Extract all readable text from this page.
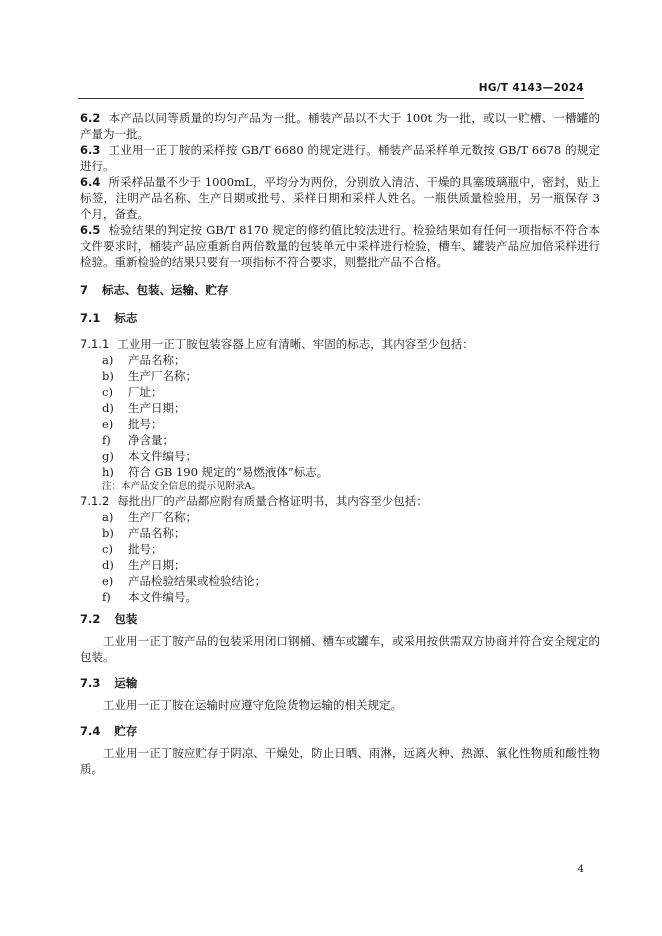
HG/T 4143—2024

6.2 本产品以同等质量的均匀产品为一批。桶装产品以不大于 100t 为一批，或以一贮槽、一槽罐的产量为一批。

6.3 工业用一正丁胺的采样按 GB/T 6680 的规定进行。桶装产品采样单元数按 GB/T 6678 的规定进行。

6.4 所采样品量不少于 1000mL，平均分为两份，分别放入清洁、干燥的具塞玻璃瓶中，密封，贴上标签，注明产品名称、生产日期或批号、采样日期和采样人姓名。一瓶供质量检验用，另一瓶保存 3 个月，备查。

6.5 检验结果的判定按 GB/T 8170 规定的修约值比较法进行。检验结果如有任何一项指标不符合本文件要求时，桶装产品应重新自两倍数量的包装单元中采样进行检验，槽车、罐装产品应加倍采样进行检验。重新检验的结果只要有一项指标不符合要求，则整批产品不合格。

7 标志、包装、运输、贮存

7.1 标志

7.1.1 工业用一正丁胺包装容器上应有清晰、牢固的标志，其内容至少包括：

a) 产品名称；
b) 生产厂名称；
c) 厂址；
d) 生产日期；
e) 批号；
f) 净含量；
g) 本文件编号；
h) 符合 GB 190 规定的“易燃液体”标志。
注：本产品安全信息的提示见附录A。

7.1.2 每批出厂的产品都应附有质量合格证明书，其内容至少包括：

a) 生产厂名称；
b) 产品名称；
c) 批号；
d) 生产日期；
e) 产品检验结果或检验结论；
f) 本文件编号。

7.2 包装

工业用一正丁胺产品的包装采用闭口钢桶、槽车或罐车，或采用按供需双方协商并符合安全规定的包装。

7.3 运输

工业用一正丁胺在运输时应遵守危险货物运输的相关规定。

7.4 贮存

工业用一正丁胺应贮存于阴凉、干燥处，防止日晒、雨淋，远离火种、热源、氧化性物质和酸性物质。

4
